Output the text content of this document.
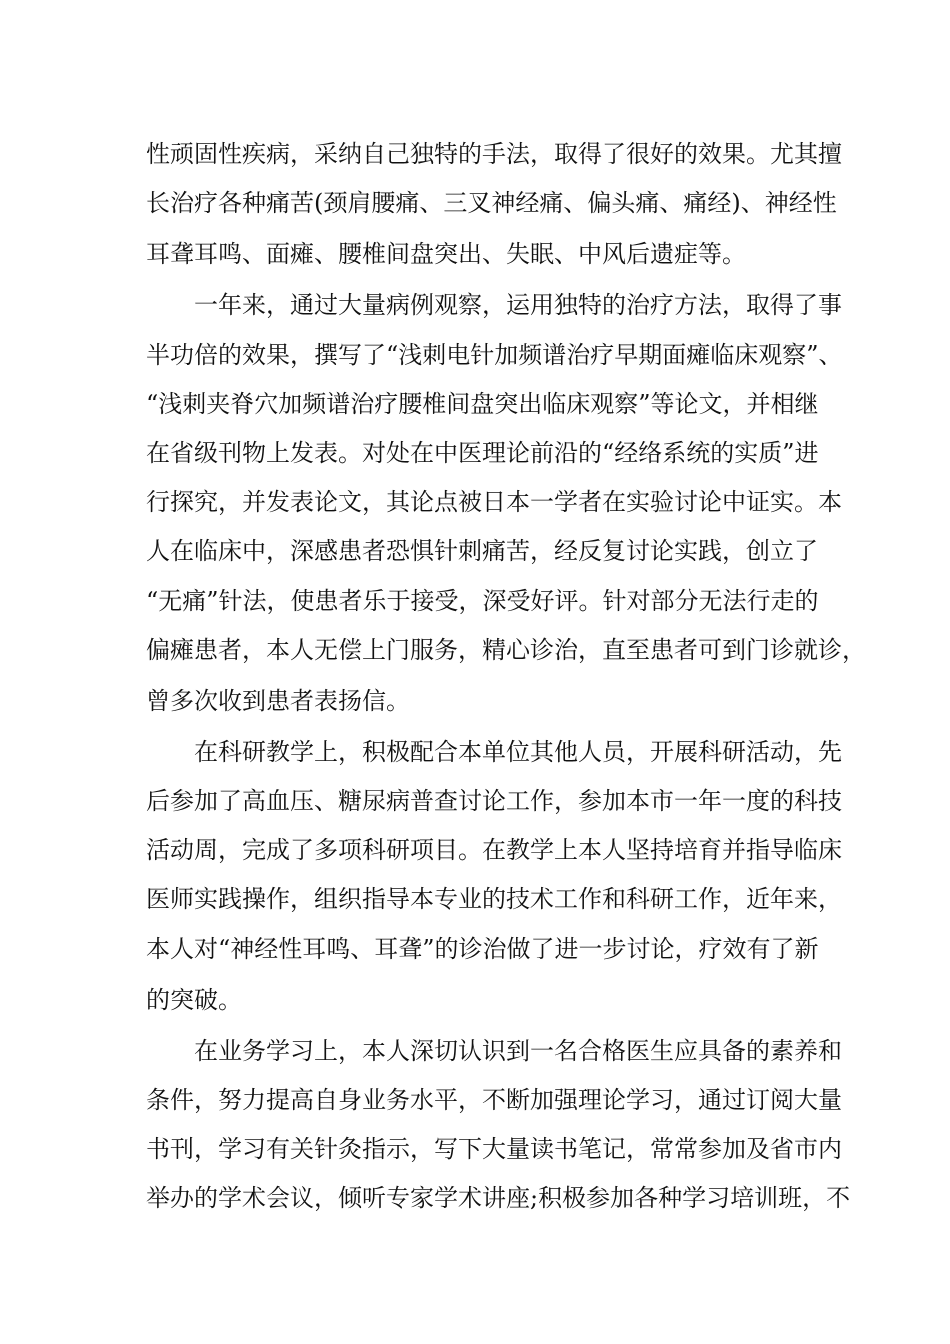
性顽固性疾病，采纳自己独特的手法，取得了很好的效果。尤其擅
长治疗各种痛苦(颈肩腰痛、三叉神经痛、偏头痛、痛经)、神经性
耳聋耳鸣、面瘫、腰椎间盘突出、失眠、中风后遗症等。
一年来，通过大量病例观察，运用独特的治疗方法，取得了事
半功倍的效果，撰写了“浅刺电针加频谱治疗早期面瘫临床观察”、
“浅刺夹脊穴加频谱治疗腰椎间盘突出临床观察”等论文，并相继
在省级刊物上发表。对处在中医理论前沿的“经络系统的实质”进
行探究，并发表论文，其论点被日本一学者在实验讨论中证实。本
人在临床中，深感患者恐惧针刺痛苦，经反复讨论实践，创立了
“无痛”针法，使患者乐于接受，深受好评。针对部分无法行走的
偏瘫患者，本人无偿上门服务，精心诊治，直至患者可到门诊就诊，
曾多次收到患者表扬信。
在科研教学上，积极配合本单位其他人员，开展科研活动，先
后参加了高血压、糖尿病普查讨论工作，参加本市一年一度的科技
活动周，完成了多项科研项目。在教学上本人坚持培育并指导临床
医师实践操作，组织指导本专业的技术工作和科研工作，近年来，
本人对“神经性耳鸣、耳聋”的诊治做了进一步讨论，疗效有了新
的突破。
在业务学习上，本人深切认识到一名合格医生应具备的素养和
条件，努力提高自身业务水平，不断加强理论学习，通过订阅大量
书刊，学习有关针灸指示，写下大量读书笔记，常常参加及省市内
举办的学术会议，倾听专家学术讲座;积极参加各种学习培训班，不
